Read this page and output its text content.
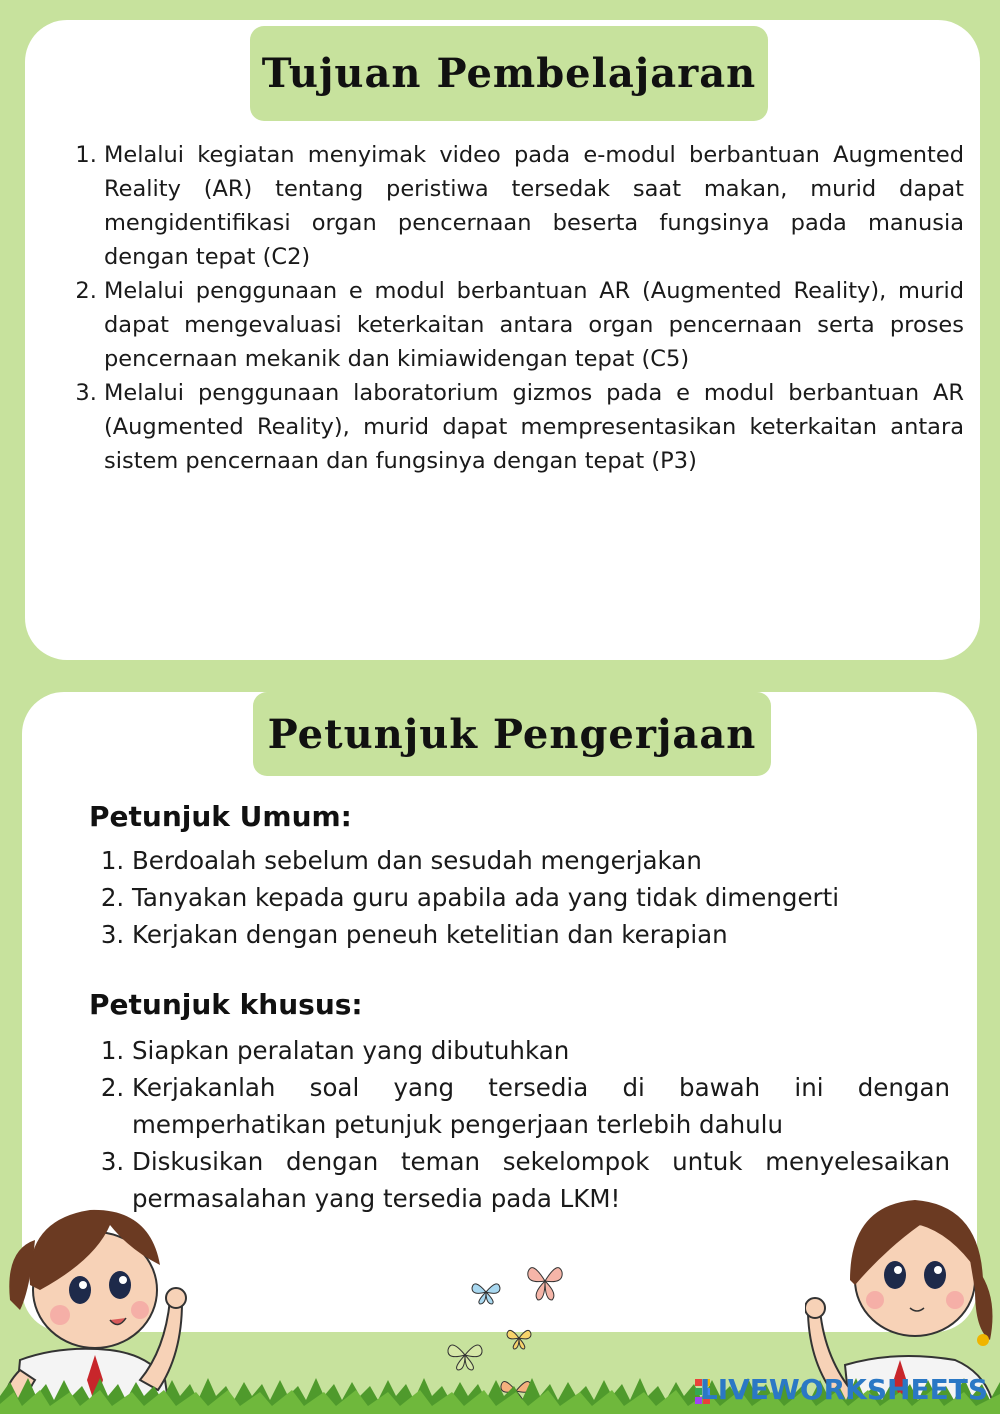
Tujuan Pembelajaran
1. Melalui kegiatan menyimak video pada e-modul berbantuan Augmented Reality (AR) tentang peristiwa tersedak saat makan, murid dapat mengidentifikasi organ pencernaan beserta fungsinya pada manusia dengan tepat (C2)
2. Melalui penggunaan e modul berbantuan AR (Augmented Reality), murid dapat mengevaluasi keterkaitan antara organ pencernaan serta proses pencernaan mekanik dan kimiawidengan tepat (C5)
3. Melalui penggunaan laboratorium gizmos pada e modul berbantuan AR (Augmented Reality), murid dapat mempresentasikan keterkaitan antara sistem pencernaan dan fungsinya dengan tepat (P3)
Petunjuk Pengerjaan
Petunjuk Umum:
1. Berdoalah sebelum dan sesudah mengerjakan
2. Tanyakan kepada guru apabila ada yang tidak dimengerti
3. Kerjakan dengan peneuh ketelitian dan kerapian
Petunjuk khusus:
1. Siapkan peralatan yang dibutuhkan
2. Kerjakanlah soal yang tersedia di bawah ini dengan memperhatikan petunjuk pengerjaan terlebih dahulu
3. Diskusikan dengan teman sekelompok untuk menyelesaikan permasalahan yang tersedia pada LKM!
LIVEWORKSHEETS
